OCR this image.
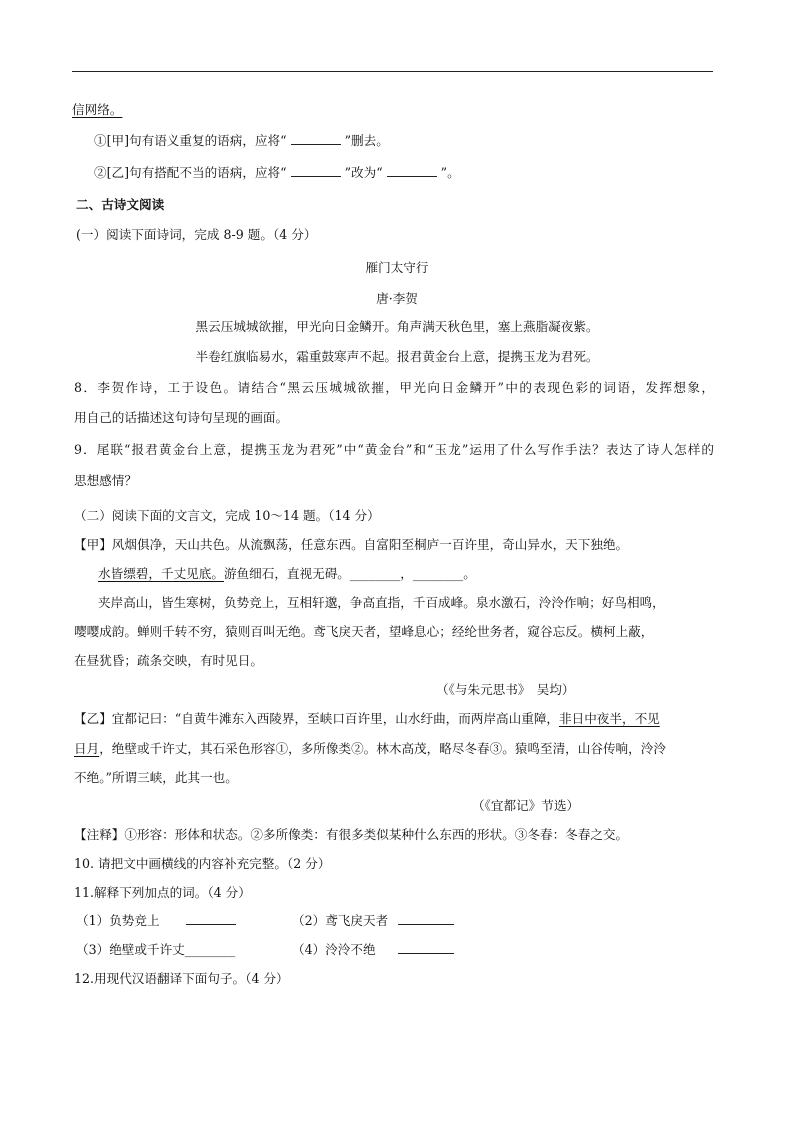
信网络。
①[甲]句有语义重复的语病，应将“	”删去。
②[乙]句有搭配不当的语病，应将“	”改为“	”。
二、古诗文阅读
(一）阅读下面诗词，完成 8-9 题。（4 分）
雁门太守行
唐·李贺
黑云压城城欲摧，甲光向日金鳞开。角声满天秋色里，塞上燕脂凝夜紫。
半卷红旗临易水，霜重鼓寒声不起。报君黄金台上意，提携玉龙为君死。
8．李贺作诗，工于设色。请结合“黑云压城城欲摧，甲光向日金鳞开”中的表现色彩的词语，发挥想象，
用自己的话描述这句诗句呈现的画面。
9．尾联“报君黄金台上意，提携玉龙为君死”中“黄金台”和“玉龙”运用了什么写作手法？表达了诗人怎样的
思想感情？
（二）阅读下面的文言文，完成 10～14 题。（14 分）
【甲】风烟俱净，天山共色。从流飘荡，任意东西。自富阳至桐庐一百许里，奇山异水，天下独绝。
水皆缥碧，千丈见底。游鱼细石，直视无碍。________，________。
夹岸高山，皆生寒树，负势竞上，互相轩邈，争高直指，千百成峰。泉水激石，泠泠作响；好鸟相鸣，
嘤嘤成韵。蝉则千转不穷，猿则百叫无绝。鸢飞戾天者，望峰息心；经纶世务者，窥谷忘反。横柯上蔽，
在昼犹昏；疏条交映，有时见日。
（《与朱元思书》　吴均）
【乙】宜都记曰：“自黄牛滩东入西陵界，至峡口百许里，山水纡曲，而两岸高山重障，非日中夜半，不见
日月，绝壁或千许丈，其石采色形容①，多所像类②。林木高茂，略尽冬春③。猿鸣至清，山谷传响，泠泠
不绝。”所谓三峡，此其一也。
（《宜都记》节选）
【注释】①形容：形体和状态。②多所像类：有很多类似某种什么东西的形状。③冬春：冬春之交。
10. 请把文中画横线的内容补充完整。（2 分）
11.解释下列加点的词。（4 分）
（1）负势竞上	（2）鸢飞戾天者
（3）绝壁或千许丈________	（4）泠泠不绝
12.用现代汉语翻译下面句子。（4 分）
